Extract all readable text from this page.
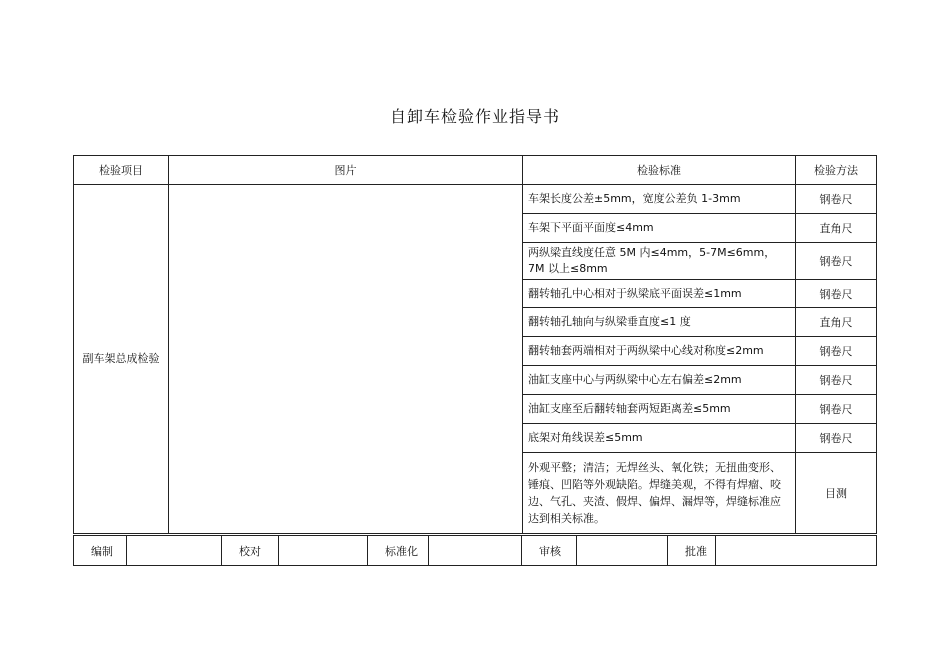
自卸车检验作业指导书
检验项目	图片	检验标准	检验方法
副车架总成检验		车架长度公差±5mm，宽度公差负 1-3mm	钢卷尺
		车架下平面平面度≤4mm	直角尺
		两纵梁直线度任意 5M 内≤4mm，5-7M≤6mm，7M 以上≤8mm	钢卷尺
		翻转轴孔中心相对于纵梁底平面误差≤1mm	钢卷尺
		翻转轴孔轴向与纵梁垂直度≤1 度	直角尺
		翻转轴套两端相对于两纵梁中心线对称度≤2mm	钢卷尺
		油缸支座中心与两纵梁中心左右偏差≤2mm	钢卷尺
		油缸支座至后翻转轴套两短距离差≤5mm	钢卷尺
		底架对角线误差≤5mm	钢卷尺
		外观平整；清洁；无焊丝头、氧化铁；无扭曲变形、锤痕、凹陷等外观缺陷。焊缝美观，不得有焊瘤、咬边、气孔、夹渣、假焊、偏焊、漏焊等，焊缝标准应达到相关标准。	目测
编制		校对		标准化		审核		批准	
